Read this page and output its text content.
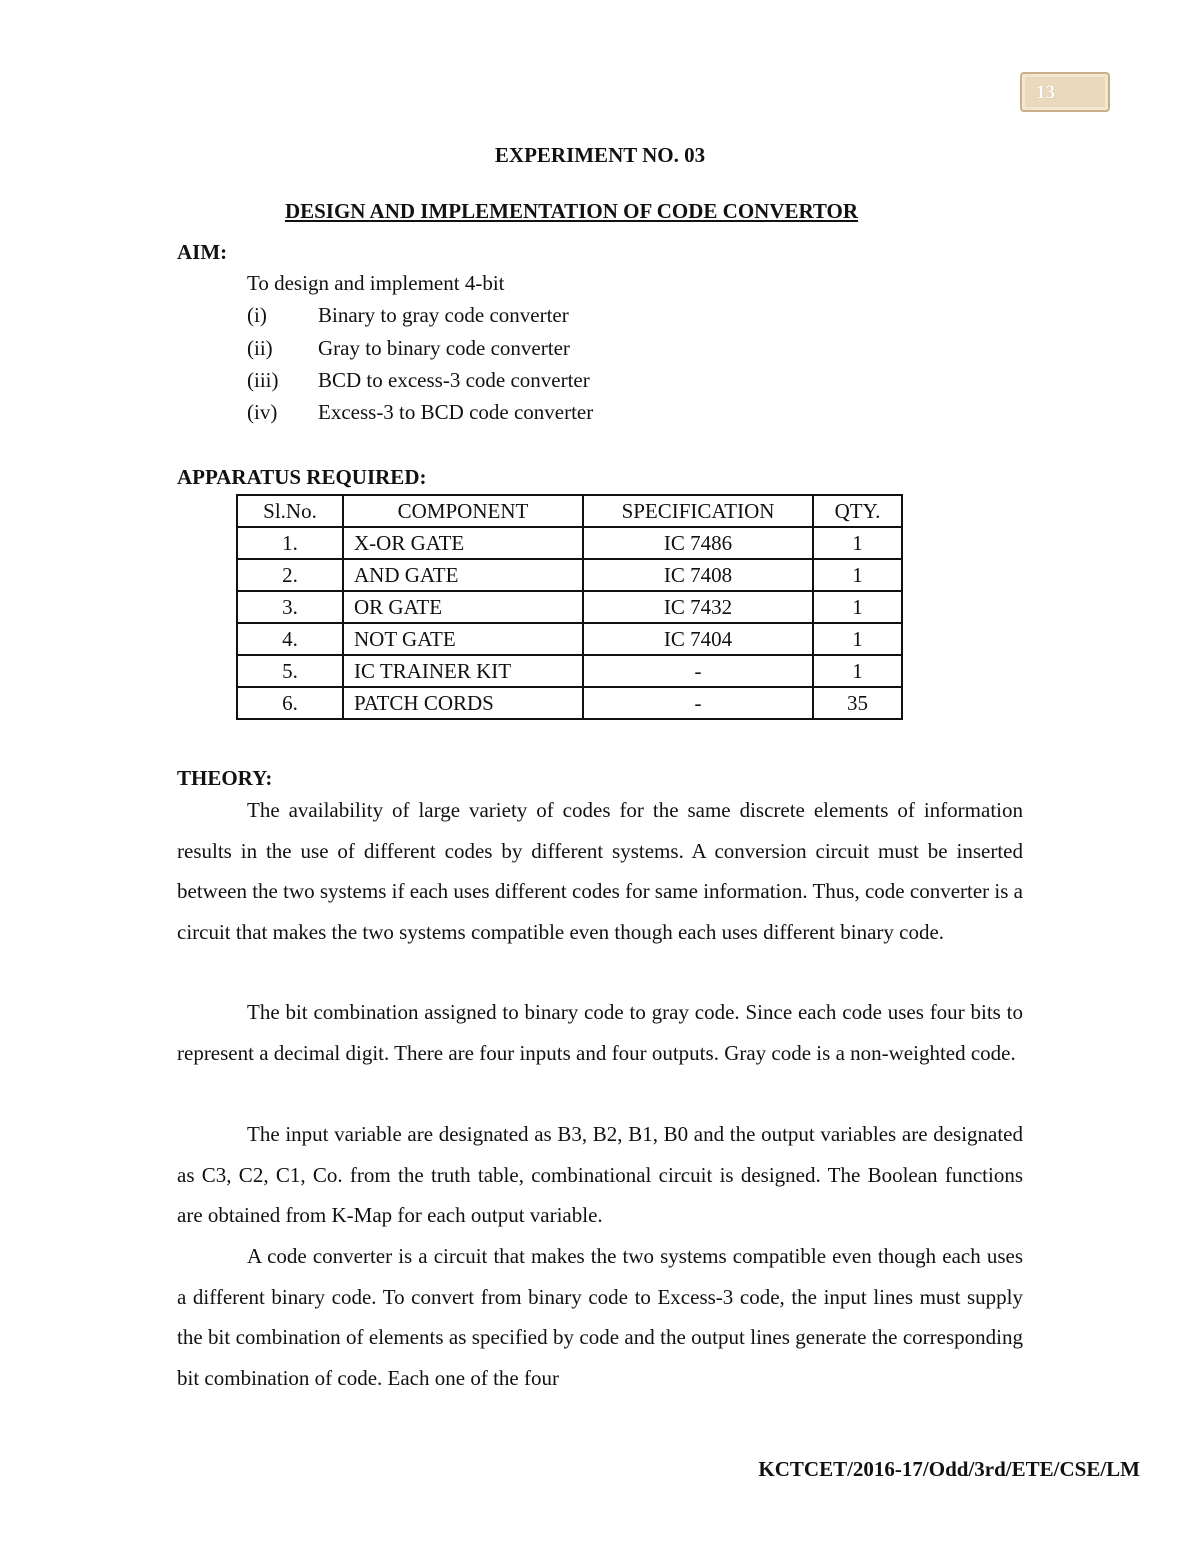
13
EXPERIMENT NO. 03
DESIGN AND IMPLEMENTATION OF CODE CONVERTOR
AIM:
To design and implement 4-bit
(i) Binary to gray code converter
(ii) Gray to binary code converter
(iii) BCD to excess-3 code converter
(iv) Excess-3 to BCD code converter
APPARATUS REQUIRED:
Sl.No.	COMPONENT	SPECIFICATION	QTY.
1.	X-OR GATE	IC 7486	1
2.	AND GATE	IC 7408	1
3.	OR GATE	IC 7432	1
4.	NOT GATE	IC 7404	1
5.	IC TRAINER KIT	-	1
6.	PATCH CORDS	-	35
THEORY:

The availability of large variety of codes for the same discrete elements of information results in the use of different codes by different systems. A conversion circuit must be inserted between the two systems if each uses different codes for same information. Thus, code converter is a circuit that makes the two systems compatible even though each uses different binary code.

The bit combination assigned to binary code to gray code. Since each code uses four bits to represent a decimal digit. There are four inputs and four outputs. Gray code is a non-weighted code.

The input variable are designated as B3, B2, B1, B0 and the output variables are designated as C3, C2, C1, Co. from the truth table, combinational circuit is designed. The Boolean functions are obtained from K-Map for each output variable.

A code converter is a circuit that makes the two systems compatible even though each uses a different binary code. To convert from binary code to Excess-3 code, the input lines must supply the bit combination of elements as specified by code and the output lines generate the corresponding bit combination of code. Each one of the four

KCTCET/2016-17/Odd/3rd/ETE/CSE/LM
